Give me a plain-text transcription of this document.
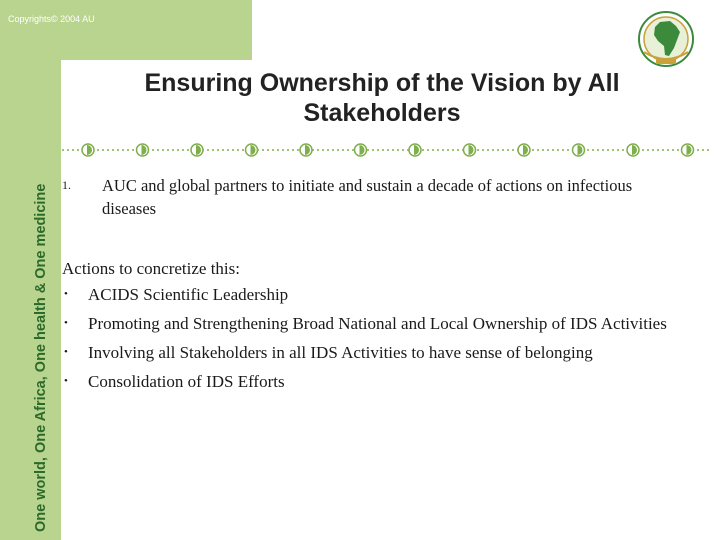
Copyrights© 2004 AU
One world, One Africa, One health & One medicine
Ensuring Ownership of the Vision by All Stakeholders
1. AUC and global partners to initiate and sustain a decade of actions on infectious diseases
Actions to concretize this:
• ACIDS Scientific Leadership
• Promoting and Strengthening Broad National and Local Ownership of IDS Activities
• Involving all Stakeholders in all IDS Activities to have sense of belonging
• Consolidation of IDS Efforts
